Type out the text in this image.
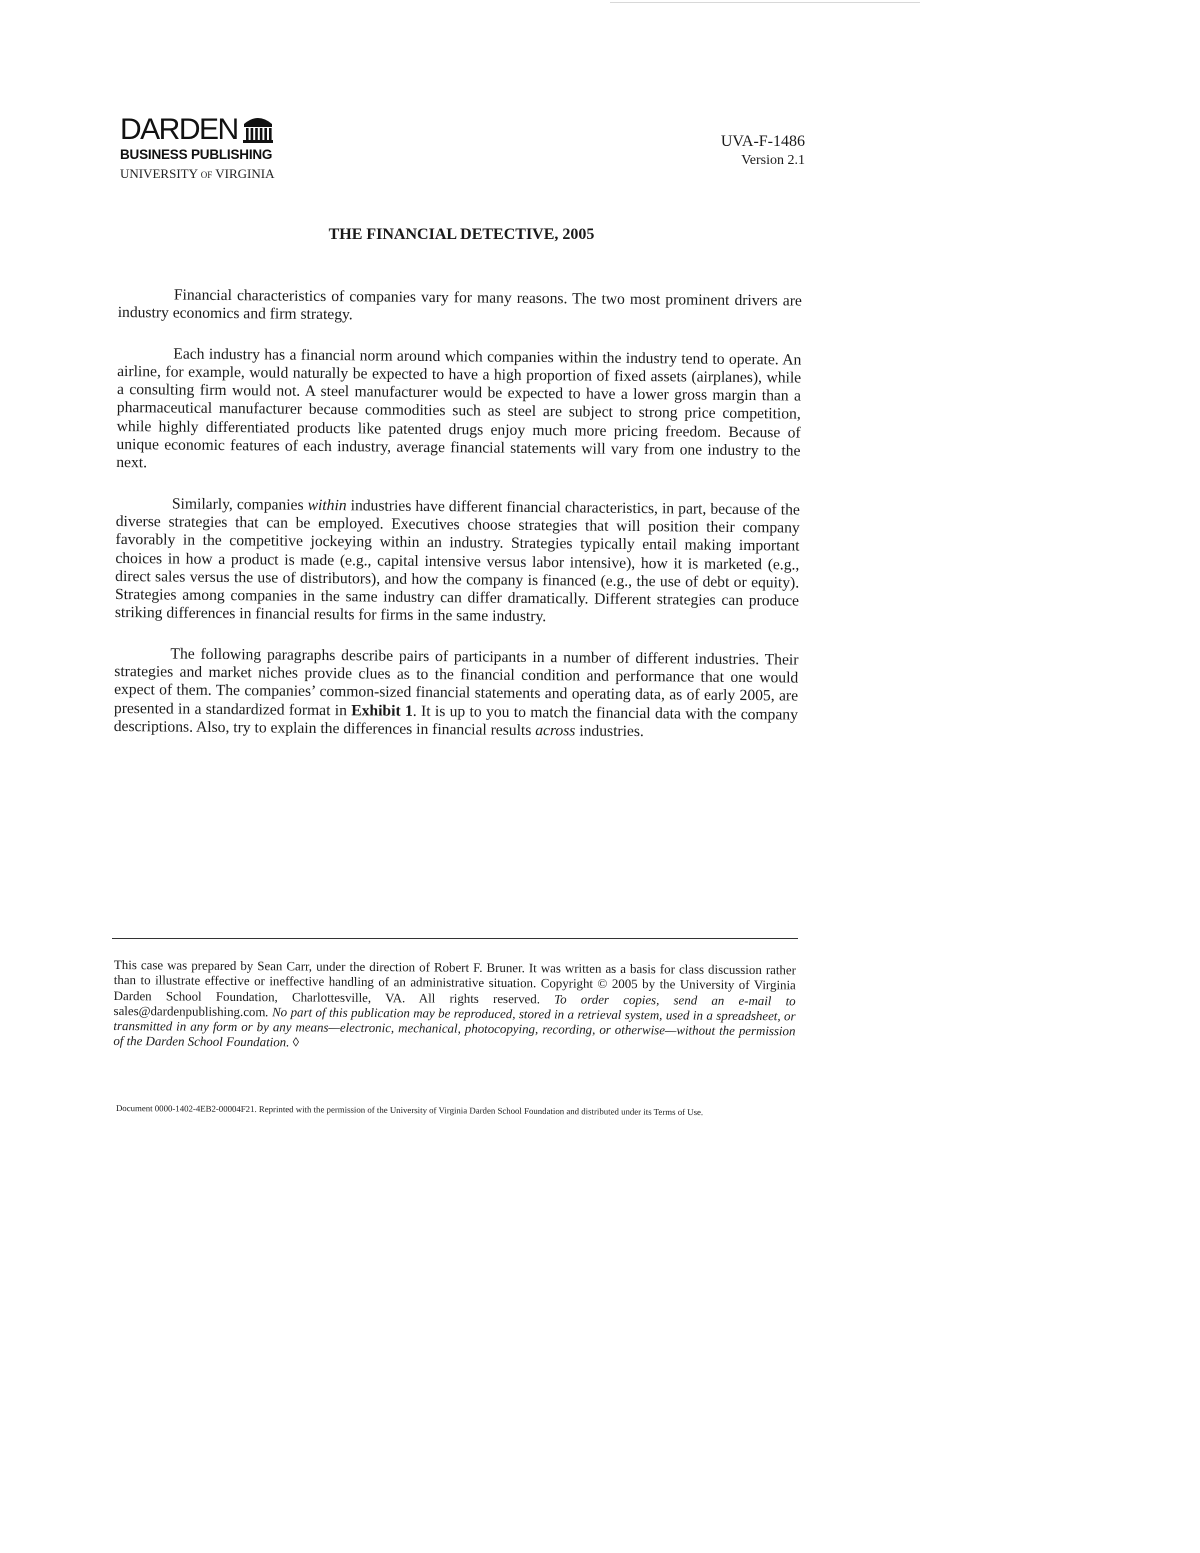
DARDEN
BUSINESS PUBLISHING
UNIVERSITY of VIRGINIA
UVA-F-1486
Version 2.1
THE FINANCIAL DETECTIVE, 2005

Financial characteristics of companies vary for many reasons. The two most prominent drivers are industry economics and firm strategy.

Each industry has a financial norm around which companies within the industry tend to operate. An airline, for example, would naturally be expected to have a high proportion of fixed assets (airplanes), while a consulting firm would not. A steel manufacturer would be expected to have a lower gross margin than a pharmaceutical manufacturer because commodities such as steel are subject to strong price competition, while highly differentiated products like patented drugs enjoy much more pricing freedom. Because of unique economic features of each industry, average financial statements will vary from one industry to the next.

Similarly, companies within industries have different financial characteristics, in part, because of the diverse strategies that can be employed. Executives choose strategies that will position their company favorably in the competitive jockeying within an industry. Strategies typically entail making important choices in how a product is made (e.g., capital intensive versus labor intensive), how it is marketed (e.g., direct sales versus the use of distributors), and how the company is financed (e.g., the use of debt or equity). Strategies among companies in the same industry can differ dramatically. Different strategies can produce striking differences in financial results for firms in the same industry.

The following paragraphs describe pairs of participants in a number of different industries. Their strategies and market niches provide clues as to the financial condition and performance that one would expect of them. The companies’ common-sized financial statements and operating data, as of early 2005, are presented in a standardized format in Exhibit 1. It is up to you to match the financial data with the company descriptions. Also, try to explain the differences in financial results across industries.

This case was prepared by Sean Carr, under the direction of Robert F. Bruner. It was written as a basis for class discussion rather than to illustrate effective or ineffective handling of an administrative situation. Copyright © 2005 by the University of Virginia Darden School Foundation, Charlottesville, VA. All rights reserved. To order copies, send an e-mail to sales@dardenpublishing.com. No part of this publication may be reproduced, stored in a retrieval system, used in a spreadsheet, or transmitted in any form or by any means—electronic, mechanical, photocopying, recording, or otherwise—without the permission of the Darden School Foundation. ◊
Document 0000-1402-4EB2-00004F21. Reprinted with the permission of the University of Virginia Darden School Foundation and distributed under its Terms of Use.
